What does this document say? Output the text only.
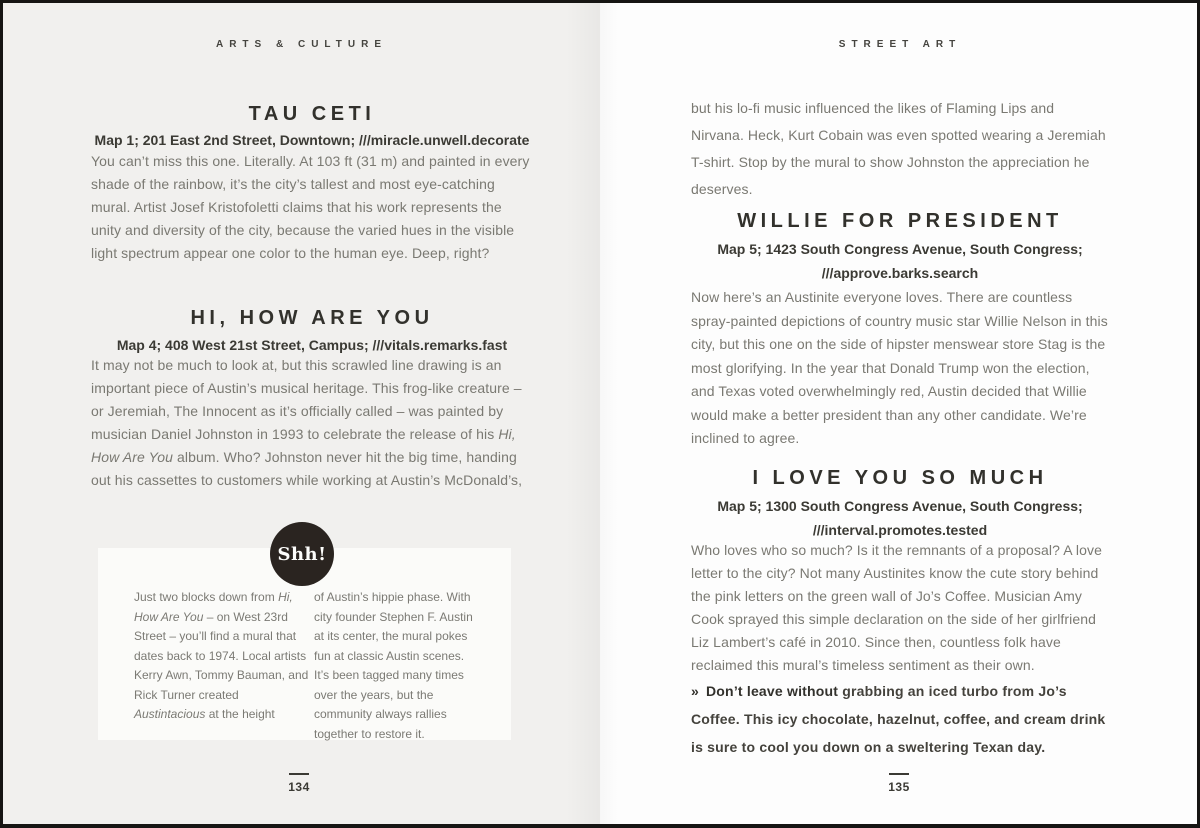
ARTS & CULTURE
TAU CETI
Map 1; 201 East 2nd Street, Downtown; ///miracle.unwell.decorate
You can’t miss this one. Literally. At 103 ft (31 m) and painted in every shade of the rainbow, it’s the city’s tallest and most eye-catching mural. Artist Josef Kristofoletti claims that his work represents the unity and diversity of the city, because the varied hues in the visible light spectrum appear one color to the human eye. Deep, right?
HI, HOW ARE YOU
Map 4; 408 West 21st Street, Campus; ///vitals.remarks.fast
It may not be much to look at, but this scrawled line drawing is an important piece of Austin’s musical heritage. This frog-like creature – or Jeremiah, The Innocent as it’s officially called – was painted by musician Daniel Johnston in 1993 to celebrate the release of his Hi, How Are You album. Who? Johnston never hit the big time, handing out his cassettes to customers while working at Austin’s McDonald’s,
Just two blocks down from Hi, How Are You – on West 23rd Street – you’ll find a mural that dates back to 1974. Local artists Kerry Awn, Tommy Bauman, and Rick Turner created Austintacious at the height
of Austin’s hippie phase. With city founder Stephen F. Austin at its center, the mural pokes fun at classic Austin scenes. It’s been tagged many times over the years, but the community always rallies together to restore it.
Shh!
134
STREET ART
but his lo-fi music influenced the likes of Flaming Lips and Nirvana. Heck, Kurt Cobain was even spotted wearing a Jeremiah T-shirt. Stop by the mural to show Johnston the appreciation he deserves.
WILLIE FOR PRESIDENT
Map 5; 1423 South Congress Avenue, South Congress;
///approve.barks.search
Now here’s an Austinite everyone loves. There are countless spray-painted depictions of country music star Willie Nelson in this city, but this one on the side of hipster menswear store Stag is the most glorifying. In the year that Donald Trump won the election, and Texas voted overwhelmingly red, Austin decided that Willie would make a better president than any other candidate. We’re inclined to agree.
I LOVE YOU SO MUCH
Map 5; 1300 South Congress Avenue, South Congress;
///interval.promotes.tested
Who loves who so much? Is it the remnants of a proposal? A love letter to the city? Not many Austinites know the cute story behind the pink letters on the green wall of Jo’s Coffee. Musician Amy Cook sprayed this simple declaration on the side of her girlfriend Liz Lambert’s café in 2010. Since then, countless folk have reclaimed this mural’s timeless sentiment as their own.
» Don’t leave without grabbing an iced turbo from Jo’s Coffee. This icy chocolate, hazelnut, coffee, and cream drink is sure to cool you down on a sweltering Texan day.
135
